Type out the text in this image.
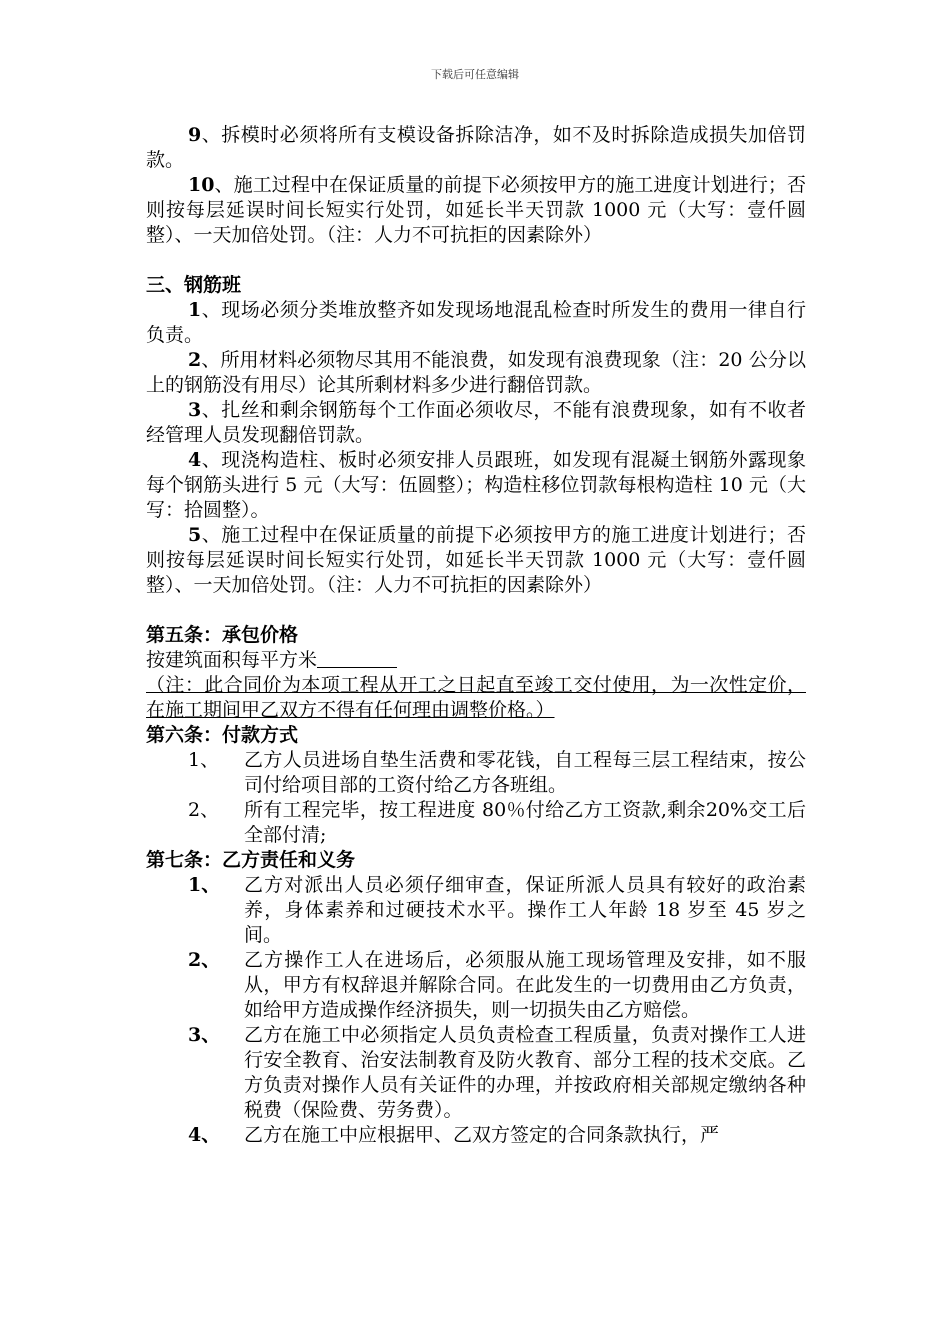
下载后可任意编辑

9、拆模时必须将所有支模设备拆除洁净，如不及时拆除造成损失加倍罚款。

10、施工过程中在保证质量的前提下必须按甲方的施工进度计划进行；否则按每层延误时间长短实行处罚，如延长半天罚款 1000 元（大写：壹仟圆整）、一天加倍处罚。（注：人力不可抗拒的因素除外）

三、钢筋班

1、现场必须分类堆放整齐如发现场地混乱检查时所发生的费用一律自行负责。

2、所用材料必须物尽其用不能浪费，如发现有浪费现象（注：20 公分以上的钢筋没有用尽）论其所剩材料多少进行翻倍罚款。

3、扎丝和剩余钢筋每个工作面必须收尽，不能有浪费现象，如有不收者经管理人员发现翻倍罚款。

4、现浇构造柱、板时必须安排人员跟班，如发现有混凝土钢筋外露现象每个钢筋头进行 5 元（大写：伍圆整）；构造柱移位罚款每根构造柱 10 元（大写：拾圆整）。

5、施工过程中在保证质量的前提下必须按甲方的施工进度计划进行；否则按每层延误时间长短实行处罚，如延长半天罚款 1000 元（大写：壹仟圆整）、一天加倍处罚。（注：人力不可抗拒的因素除外）

第五条：承包价格

按建筑面积每平方米

（注：此合同价为本项工程从开工之日起直至竣工交付使用，为一次性定价，在施工期间甲乙双方不得有任何理由调整价格。）

第六条：付款方式

1、	乙方人员进场自垫生活费和零花钱，自工程每三层工程结束，按公司付给项目部的工资付给乙方各班组。
2、	所有工程完毕，按工程进度 80％付给乙方工资款,剩余20%交工后全部付清;

第七条：乙方责任和义务

1、	乙方对派出人员必须仔细审查，保证所派人员具有较好的政治素养，身体素养和过硬技术水平。操作工人年龄 18 岁至 45 岁之间。
2、	乙方操作工人在进场后，必须服从施工现场管理及安排，如不服从，甲方有权辞退并解除合同。在此发生的一切费用由乙方负责，如给甲方造成操作经济损失，则一切损失由乙方赔偿。
3、	乙方在施工中必须指定人员负责检查工程质量，负责对操作工人进行安全教育、治安法制教育及防火教育、部分工程的技术交底。乙方负责对操作人员有关证件的办理，并按政府相关部规定缴纳各种税费（保险费、劳务费）。
4、	乙方在施工中应根据甲、乙双方签定的合同条款执行，严
